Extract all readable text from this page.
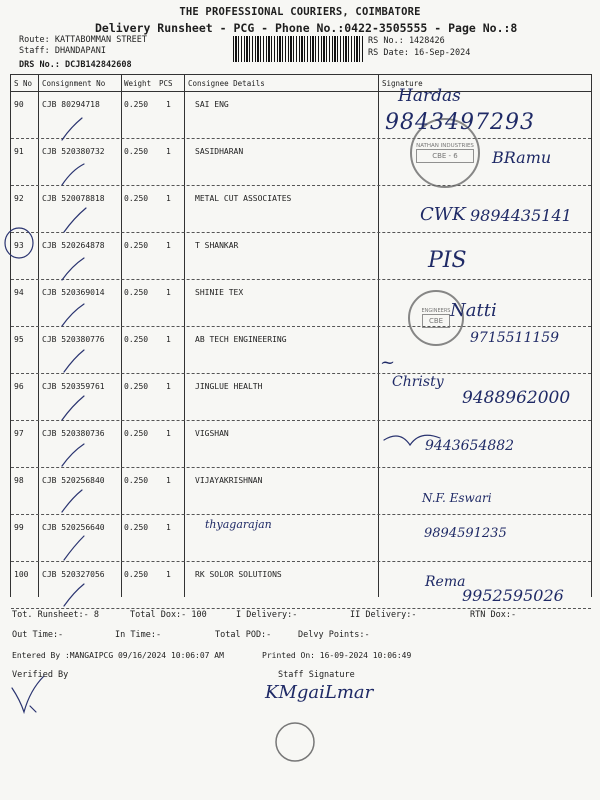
THE PROFESSIONAL COURIERS, COIMBATORE
Delivery Runsheet - PCG - Phone No.:0422-3505555 - Page No.:8
Route: KATTABOMMAN STREET
Staff: DHANDAPANI
DRS No.: DCJB142842608
RS No.: 1428426
RS Date: 16-Sep-2024
S No Consignment No	Weight PCS Consignee Details	Signature
90 CJB 80294718	0.250 1	SAI ENG
91 CJB 520380732 0.250 1	SASIDHARAN
92 CJB 520078818 0.250 1	METAL CUT ASSOCIATES
93 CJB 520264878 0.250 1	T SHANKAR
94 CJB 520369014 0.250 1	SHINIE TEX
95 CJB 520380776 0.250 1	AB TECH ENGINEERING
96 CJB 520359761 0.250 1	JINGLUE HEALTH
97 CJB 520380736 0.250 1	VIGSHAN
98 CJB 520256840 0.250 1	VIJAYAKRISHNAN
99 CJB 520256640 0.250 1
100 CJB 520327056 0.250 1	RK SOLOR SOLUTIONS
NATHAN INDUSTRIES
CBE - 6
ENGINEERS
CBE
Hardas
9843497293
BRamu
CWK 9894435141
PIS
Natti
9715511159
~
Christy
9488962000
9443654882
N.F. Eswari
thyagarajan
9894591235
Rema
9952595026
KMgaiLmar
Tot. Runsheet:- 8	Total Dox:- 100	I Delivery:-	II Delivery:-	RTN Dox:-
Out Time:-	In Time:-	Total POD:-	Delvy Points:-
Entered By :MANGAIPCG 09/16/2024 10:06:07 AM	Printed On: 16-09-2024 10:06:49
Verified By	Staff Signature
